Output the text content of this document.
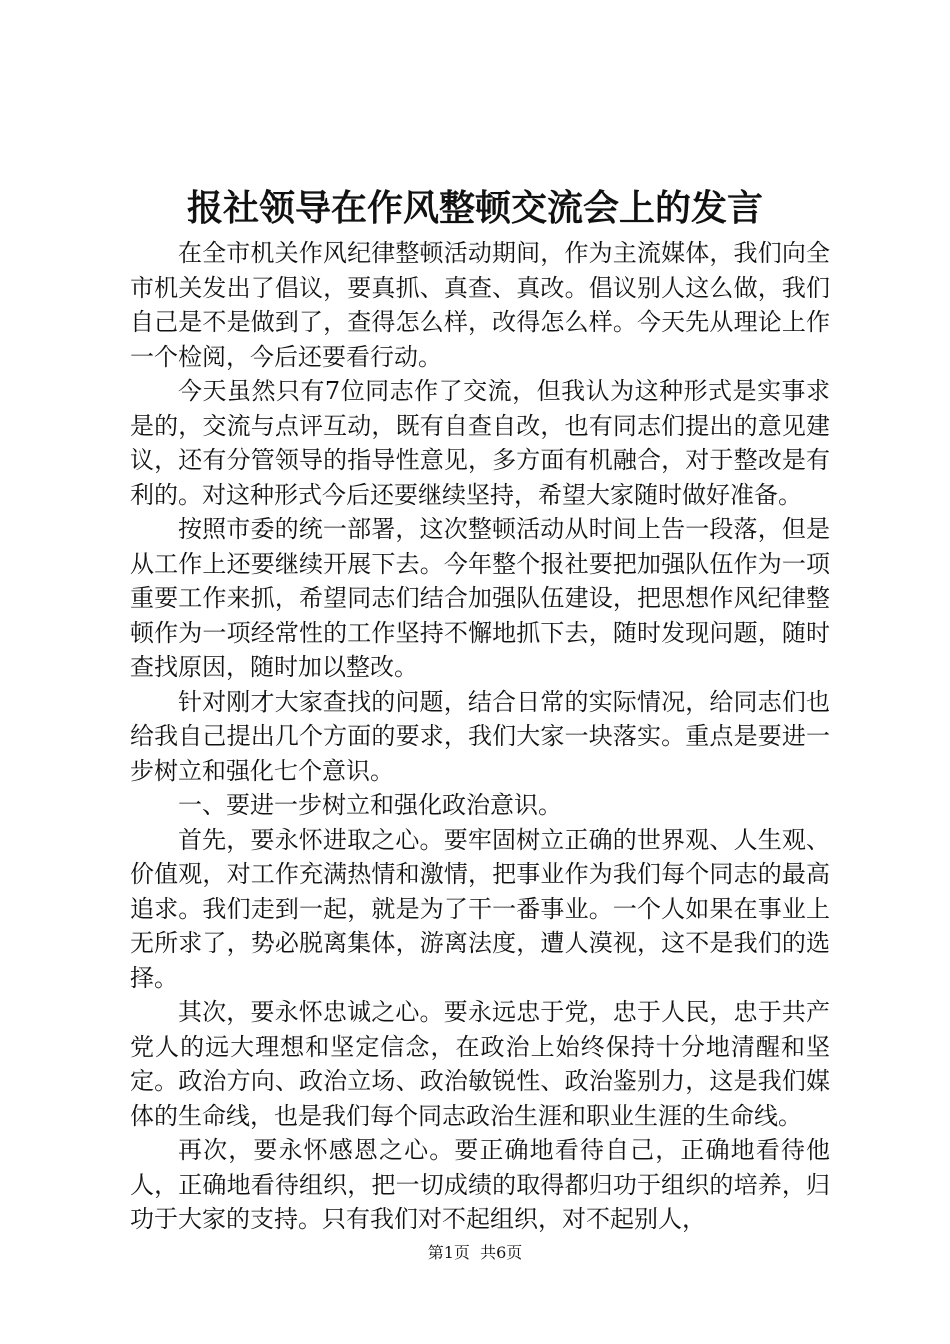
报社领导在作风整顿交流会上的发言

在全市机关作风纪律整顿活动期间，作为主流媒体，我们向全市机关发出了倡议，要真抓、真查、真改。倡议别人这么做，我们自己是不是做到了，查得怎么样，改得怎么样。今天先从理论上作一个检阅，今后还要看行动。

今天虽然只有7位同志作了交流，但我认为这种形式是实事求是的，交流与点评互动，既有自查自改，也有同志们提出的意见建议，还有分管领导的指导性意见，多方面有机融合，对于整改是有利的。对这种形式今后还要继续坚持，希望大家随时做好准备。

按照市委的统一部署，这次整顿活动从时间上告一段落，但是从工作上还要继续开展下去。今年整个报社要把加强队伍作为一项重要工作来抓，希望同志们结合加强队伍建设，把思想作风纪律整顿作为一项经常性的工作坚持不懈地抓下去，随时发现问题，随时查找原因，随时加以整改。

针对刚才大家查找的问题，结合日常的实际情况，给同志们也给我自己提出几个方面的要求，我们大家一块落实。重点是要进一步树立和强化七个意识。

一、要进一步树立和强化政治意识。

首先，要永怀进取之心。要牢固树立正确的世界观、人生观、价值观，对工作充满热情和激情，把事业作为我们每个同志的最高追求。我们走到一起，就是为了干一番事业。一个人如果在事业上无所求了，势必脱离集体，游离法度，遭人漠视，这不是我们的选择。

其次，要永怀忠诚之心。要永远忠于党，忠于人民，忠于共产党人的远大理想和坚定信念，在政治上始终保持十分地清醒和坚定。政治方向、政治立场、政治敏锐性、政治鉴别力，这是我们媒体的生命线，也是我们每个同志政治生涯和职业生涯的生命线。

再次，要永怀感恩之心。要正确地看待自己，正确地看待他人，正确地看待组织，把一切成绩的取得都归功于组织的培养，归功于大家的支持。只有我们对不起组织，对不起别人，

第1页 共6页
